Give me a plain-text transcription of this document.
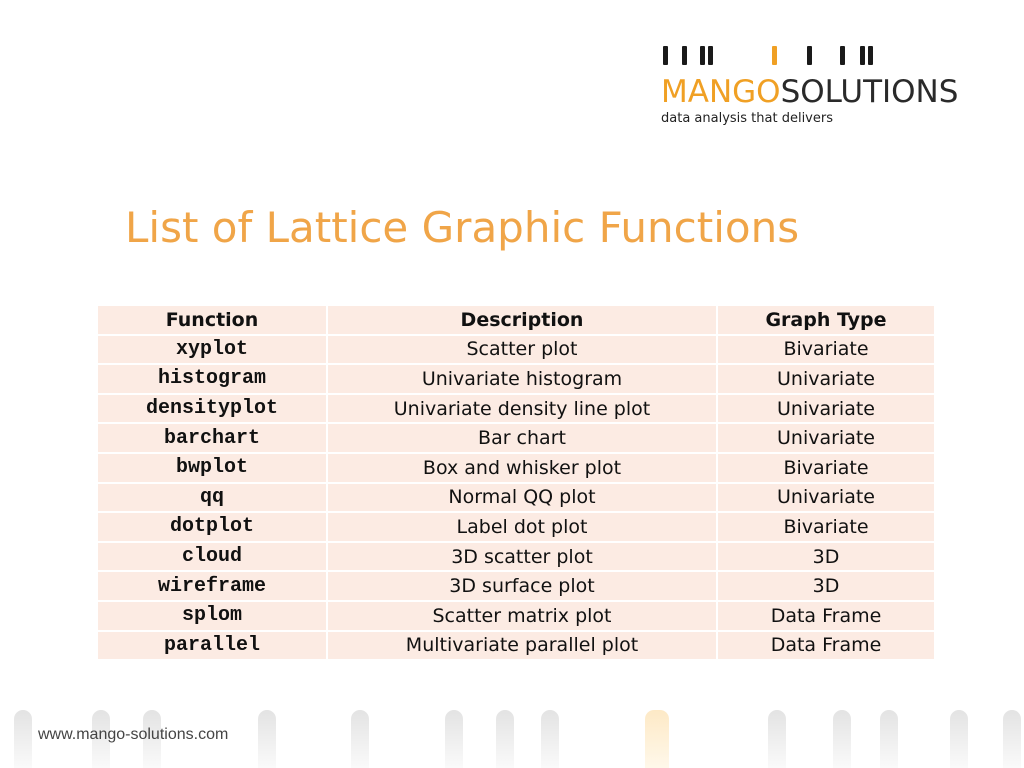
MANGOSOLUTIONS
data analysis that delivers
List of Lattice Graphic Functions
Function	Description	Graph Type
xyplot	Scatter plot	Bivariate
histogram	Univariate histogram	Univariate
densityplot	Univariate density line plot	Univariate
barchart	Bar chart	Univariate
bwplot	Box and whisker plot	Bivariate
qq	Normal QQ plot	Univariate
dotplot	Label dot plot	Bivariate
cloud	3D scatter plot	3D
wireframe	3D surface plot	3D
splom	Scatter matrix plot	Data Frame
parallel	Multivariate parallel plot	Data Frame
www.mango-solutions.com
